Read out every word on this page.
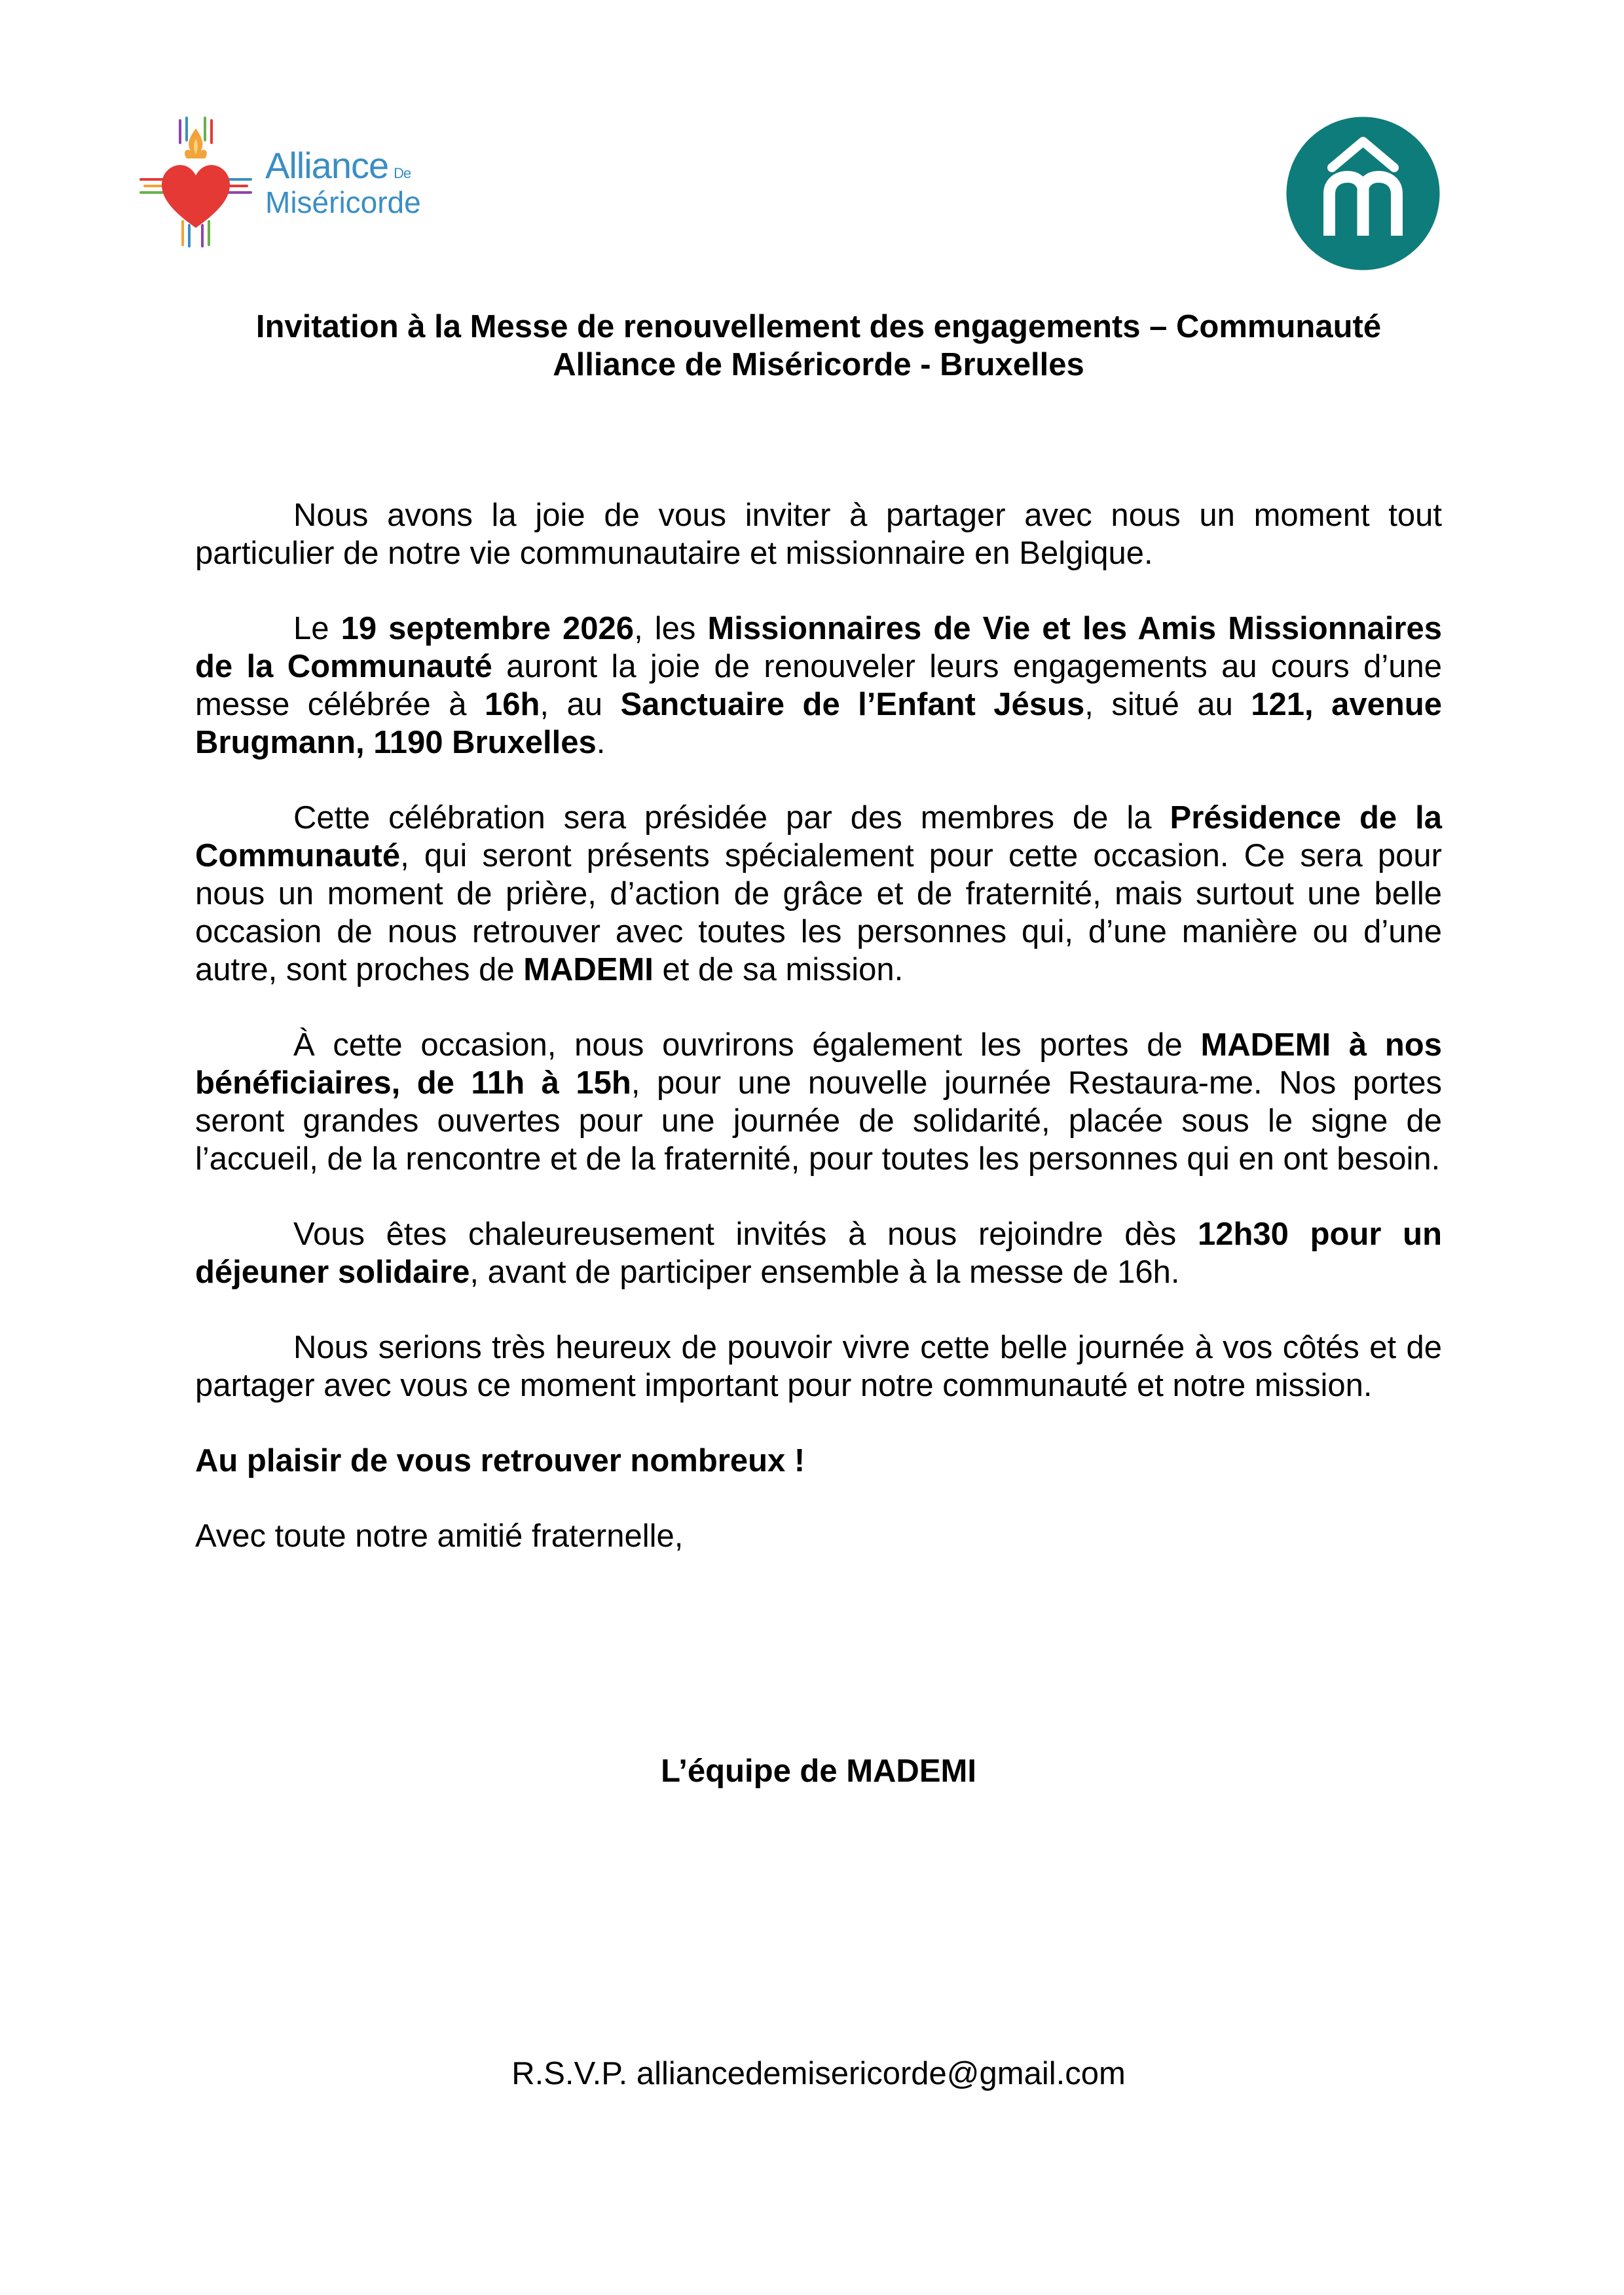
Alliance De
Miséricorde
Invitation à la Messe de renouvellement des engagements – Communauté
Alliance de Miséricorde - Bruxelles

Nous avons la joie de vous inviter à partager avec nous un moment tout particulier de notre vie communautaire et missionnaire en Belgique.

Le 19 septembre 2026, les Missionnaires de Vie et les Amis Missionnaires de la Communauté auront la joie de renouveler leurs engagements au cours d’une messe célébrée à 16h, au Sanctuaire de l’Enfant Jésus, situé au 121, avenue Brugmann, 1190 Bruxelles.

Cette célébration sera présidée par des membres de la Présidence de la Communauté, qui seront présents spécialement pour cette occasion. Ce sera pour nous un moment de prière, d’action de grâce et de fraternité, mais surtout une belle occasion de nous retrouver avec toutes les personnes qui, d’une manière ou d’une autre, sont proches de MADEMI et de sa mission.

À cette occasion, nous ouvrirons également les portes de MADEMI à nos bénéficiaires, de 11h à 15h, pour une nouvelle journée Restaura-me. Nos portes seront grandes ouvertes pour une journée de solidarité, placée sous le signe de l’accueil, de la rencontre et de la fraternité, pour toutes les personnes qui en ont besoin.

Vous êtes chaleureusement invités à nous rejoindre dès 12h30 pour un déjeuner solidaire, avant de participer ensemble à la messe de 16h.

Nous serions très heureux de pouvoir vivre cette belle journée à vos côtés et de partager avec vous ce moment important pour notre communauté et notre mission.

Au plaisir de vous retrouver nombreux !

Avec toute notre amitié fraternelle,

L’équipe de MADEMI
R.S.V.P. alliancedemisericorde@gmail.com
